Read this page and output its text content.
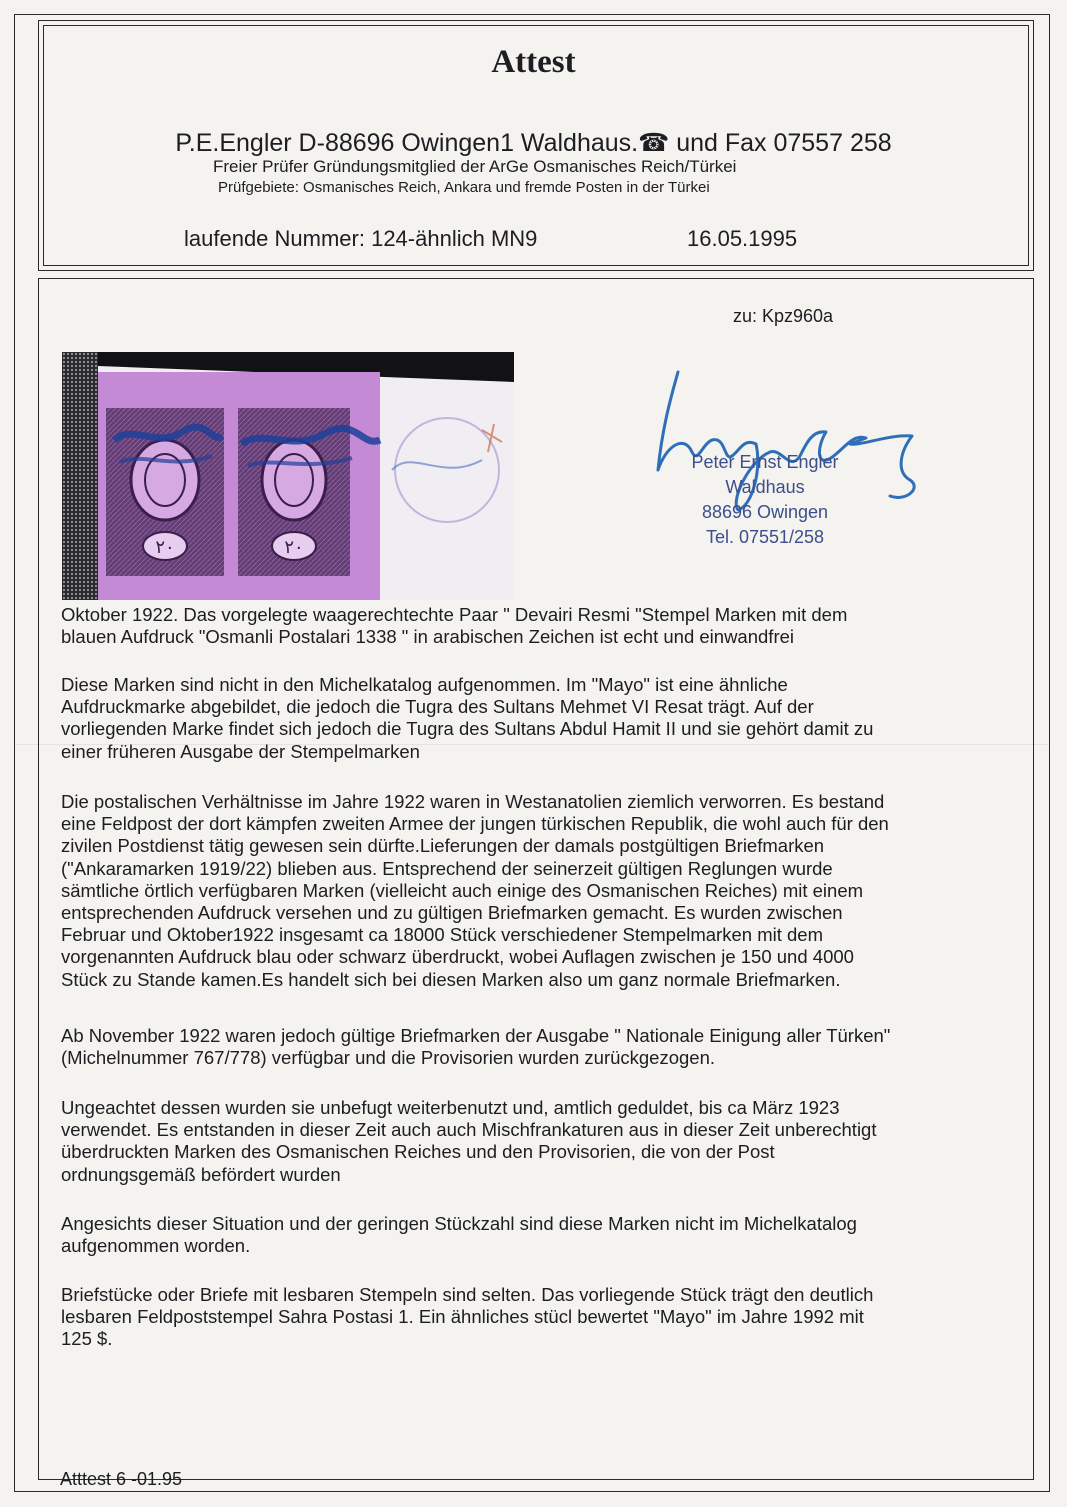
Attest
P.E.Engler D-88696 Owingen1 Waldhaus.☎ und Fax 07557 258
Freier Prüfer Gründungsmitglied der ArGe Osmanisches Reich/Türkei
Prüfgebiete: Osmanisches Reich, Ankara und fremde Posten in der Türkei
laufende Nummer: 124-ähnlich MN9	16.05.1995
zu: Kpz960a
٢٠	٢٠
Peter Ernst Engler
Waldhaus
88696 Owingen
Tel. 07551/258
Oktober 1922. Das vorgelegte waagerechtechte Paar " Devairi Resmi "Stempel Marken mit dem
blauen Aufdruck "Osmanli Postalari 1338 " in arabischen Zeichen ist echt und einwandfrei
Diese Marken sind nicht in den Michelkatalog aufgenommen. Im "Mayo" ist eine ähnliche
Aufdruckmarke abgebildet, die jedoch die Tugra des Sultans Mehmet VI Resat trägt. Auf der
vorliegenden Marke findet sich jedoch die Tugra des Sultans Abdul Hamit II und sie gehört damit zu
einer früheren Ausgabe der Stempelmarken
Die postalischen Verhältnisse im Jahre 1922 waren in Westanatolien ziemlich verworren. Es bestand
eine Feldpost der dort kämpfen zweiten Armee der jungen türkischen Republik, die wohl auch für den
zivilen Postdienst tätig gewesen sein dürfte.Lieferungen der damals postgültigen Briefmarken
("Ankaramarken 1919/22) blieben aus. Entsprechend der seinerzeit gültigen Reglungen wurde
sämtliche örtlich verfügbaren Marken (vielleicht auch einige des Osmanischen Reiches) mit einem
entsprechenden Aufdruck versehen und zu gültigen Briefmarken gemacht. Es wurden zwischen
Februar und Oktober1922 insgesamt ca 18000 Stück verschiedener Stempelmarken mit dem
vorgenannten Aufdruck blau oder schwarz überdruckt, wobei Auflagen zwischen je 150 und 4000
Stück zu Stande kamen.Es handelt sich bei diesen Marken also um ganz normale Briefmarken.
Ab November 1922 waren jedoch gültige Briefmarken der Ausgabe " Nationale Einigung aller Türken"
(Michelnummer 767/778) verfügbar und die Provisorien wurden zurückgezogen.
Ungeachtet dessen wurden sie unbefugt weiterbenutzt und, amtlich geduldet, bis ca März 1923
verwendet. Es entstanden in dieser Zeit auch auch Mischfrankaturen aus in dieser Zeit unberechtigt
überdruckten Marken des Osmanischen Reiches und den Provisorien, die von der Post
ordnungsgemäß befördert wurden
Angesichts dieser Situation und der geringen Stückzahl sind diese Marken nicht im Michelkatalog
aufgenommen worden.
Briefstücke oder Briefe mit lesbaren Stempeln sind selten. Das vorliegende Stück trägt den deutlich
lesbaren Feldpoststempel Sahra Postasi 1. Ein ähnliches stücl bewertet "Mayo" im Jahre 1992 mit
125 $.
Atttest 6 -01.95
